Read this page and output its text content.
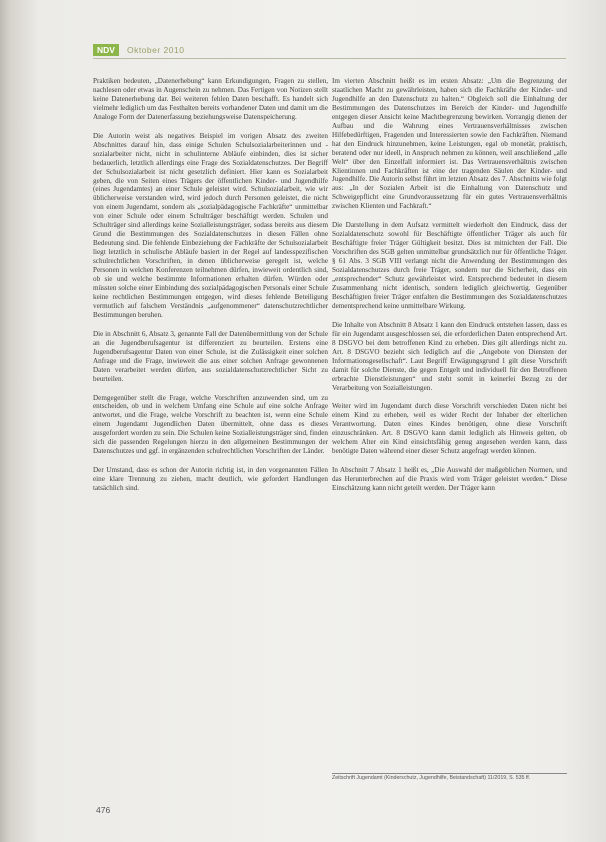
NDV	Oktober 2010

Praktiken bedeuten, „Datenerhebung“ kann Erkundigungen, Fragen zu stellen, nachlesen oder etwas in Augenschein zu nehmen. Das Fertigen von Notizen stellt keine Datenerhebung dar. Bei weiteren fehlen Daten beschafft. Es handelt sich vielmehr lediglich um das Festhalten bereits vorhandener Daten und damit um die Analoge Form der Datenerfassung beziehungsweise Datenspeicherung.

Die Autorin weist als negatives Beispiel im vorigen Absatz des zweiten Abschnittes darauf hin, dass einige Schulen Schulsozialarbeiterinnen und -sozialarbeiter nicht, nicht in schulinterne Abläufe einbinden, dies ist sicher bedauerlich, letztlich allerdings eine Frage des Sozialdatenschutzes. Der Begriff der Schulsozialarbeit ist nicht gesetzlich definiert. Hier kann es Sozialarbeit geben, die von Seiten eines Trägers der öffentlichen Kinder- und Jugendhilfe (eines Jugendamtes) an einer Schule geleistet wird. Schulsozialarbeit, wie wir üblicherweise verstanden wird, wird jedoch durch Personen geleistet, die nicht von einem Jugendamt, sondern als „sozialpädagogische Fachkräfte“ unmittelbar von einer Schule oder einem Schulträger beschäftigt werden. Schulen und Schulträger sind allerdings keine Sozialleistungsträger, sodass bereits aus diesem Grund die Bestimmungen des Sozialdatenschutzes in diesen Fällen ohne Bedeutung sind. Die fehlende Einbeziehung der Fachkräfte der Schulsozialarbeit liegt letztlich in schulische Abläufe basiert in der Regel auf landesspezifischen schulrechtlichen Vorschriften, in denen üblicherweise geregelt ist, welche Personen in welchen Konferenzen teilnehmen dürfen, inwieweit ordentlich sind, ob sie und welche bestimmte Informationen erhalten dürfen. Würden oder müssten solche einer Einbindung des sozialpädagogischen Personals einer Schule keine rechtlichen Bestimmungen entgegen, wird dieses fehlende Beteiligung vermutlich auf falschem Verständnis „aufgenommener“ datenschutzrechtlicher Bestimmungen beruhen.

Die in Abschnitt 6, Absatz 3, genannte Fall der Datenübermittlung von der Schule an die Jugendberufsagentur ist differenziert zu beurteilen. Erstens eine Jugendberufsagentur Daten von einer Schule, ist die Zulässigkeit einer solchen Anfrage und die Frage, inwieweit die aus einer solchen Anfrage gewonnenen Daten verarbeitet werden dürfen, aus sozialdatenschutzrechtlicher Sicht zu beurteilen.

Demgegenüber stellt die Frage, welche Vorschriften anzuwenden sind, um zu entscheiden, ob und in welchem Umfang eine Schule auf eine solche Anfrage antwortet, und die Frage, welche Vorschrift zu beachten ist, wenn eine Schule einem Jugendamt Jugendlichen Daten übermittelt, ohne dass es dieses ausgefordert worden zu sein. Die Schulen keine Sozialleistungsträger sind, finden sich die passenden Regelungen hierzu in den allgemeinen Bestimmungen der Datenschutzes und ggf. in ergänzenden schulrechtlichen Vorschriften der Länder.

Der Umstand, dass es schon der Autorin richtig ist, in den vorgenannten Fällen eine klare Trennung zu ziehen, macht deutlich, wie gefordert Handlungen tatsächlich sind.

Im vierten Abschnitt heißt es im ersten Absatz: „Um die Begrenzung der staatlichen Macht zu gewährleisten, haben sich die Fachkräfte der Kinder- und Jugendhilfe an den Datenschutz zu halten.“ Obgleich soll die Einhaltung der Bestimmungen des Datenschutzes im Bereich der Kinder- und Jugendhilfe entgegen dieser Ansicht keine Machtbegrenzung bewirken. Vorrangig dienen der Aufbau und die Wahrung eines Vertrauensverhältnisses zwischen Hilfebedürftigen, Fragenden und Interessierten sowie den Fachkräften. Niemand hat den Eindruck hinzunehmen, keine Leistungen, egal ob monetär, praktisch, beratend oder nur ideell, in Anspruch nehmen zu können, weil anschließend „alle Welt“ über den Einzelfall informiert ist. Das Vertrauensverhältnis zwischen Klientinnen und Fachkräften ist eine der tragenden Säulen der Kinder- und Jugendhilfe. Die Autorin selbst führt im letzten Absatz des 7. Abschnitts wie folgt aus: „In der Sozialen Arbeit ist die Einhaltung von Datenschutz und Schweigepflicht eine Grundvoraussetzung für ein gutes Vertrauensverhältnis zwischen Klienten und Fachkraft.“

Die Darstellung in dem Aufsatz vermittelt wiederholt den Eindruck, dass der Sozialdatenschutz sowohl für Beschäftigte öffentlicher Träger als auch für Beschäftigte freier Träger Gültigkeit besitzt. Dies ist mitnichten der Fall. Die Vorschriften des SGB gelten unmittelbar grundsätzlich nur für öffentliche Träger. § 61 Abs. 3 SGB VIII verlangt nicht die Anwendung der Bestimmungen des Sozialdatenschutzes durch freie Träger, sondern nur die Sicherheit, dass ein „entsprechender“ Schutz gewährleistet wird. Entsprechend bedeutet in diesem Zusammenhang nicht identisch, sondern lediglich gleichwertig. Gegenüber Beschäftigten freier Träger entfalten die Bestimmungen des Sozialdatenschutzes dementsprechend keine unmittelbare Wirkung.

Die Inhalte von Abschnitt 8 Absatz 1 kann den Eindruck entstehen lassen, dass es für ein Jugendamt ausgeschlossen sei, die erforderlichen Daten entsprechend Art. 8 DSGVO bei dem betroffenen Kind zu erheben. Dies gilt allerdings nicht zu. Art. 8 DSGVO bezieht sich lediglich auf die „Angebote von Diensten der Informationsgesellschaft“. Laut Begriff Erwägungsgrund 1 gilt diese Vorschrift damit für solche Dienste, die gegen Entgelt und individuell für den Betroffenen erbrachte Dienstleistungen“ und steht somit in keinerlei Bezug zu der Verarbeitung von Sozialleistungen.

Weiter wird im Jugendamt durch diese Vorschrift verschieden Daten nicht bei einem Kind zu erheben, weil es wider Recht der Inhaber der elterlichen Verantwortung. Daten eines Kindes benötigen, ohne diese Vorschrift einzuschränken. Art. 8 DSGVO kann damit lediglich als Hinweis gelten, ob welchem Alter ein Kind einsichtsfähig genug angesehen werden kann, dass benötigte Daten während einer dieser Schutz angefragt werden können.

In Abschnitt 7 Absatz 1 heißt es, „Die Auswahl der maßgeblichen Normen, und das Herunterbrechen auf die Praxis wird vom Träger geleistet werden.“ Diese Einschätzung kann nicht geteilt werden. Der Träger kann

Zeitschrift Jugendamt (Kinderschutz, Jugendhilfe, Beistandschaft) 11/2019, S. 535 ff.
476
